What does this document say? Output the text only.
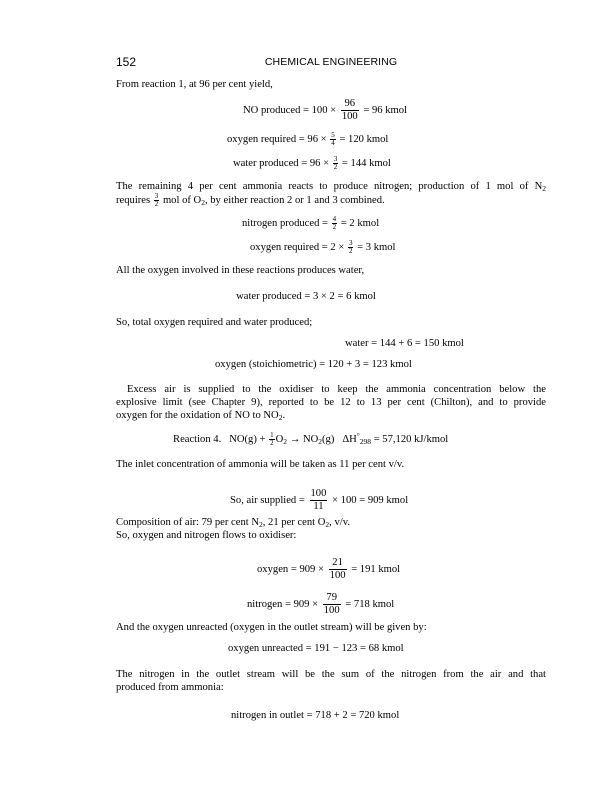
152	CHEMICAL ENGINEERING
From reaction 1, at 96 per cent yield,
NO produced = $100 \times \frac{96}{100} = 96$ kmol
oxygen required = $96 \times \frac{5}{4} = 120$ kmol
water produced = $96 \times \frac{3}{2} = 144$ kmol
The remaining 4 per cent ammonia reacts to produce nitrogen; production of 1 mol of $N_2$
requires $\frac{3}{2}$ mol of $O_2$, by either reaction 2 or 1 and 3 combined.
nitrogen produced = $\frac{4}{2} = 2$ kmol
oxygen required = $2 \times \frac{3}{2} = 3$ kmol
All the oxygen involved in these reactions produces water,
water produced = 3 × 2 = 6 kmol
So, total oxygen required and water produced;
water = 144 + 6 = 150 kmol
oxygen (stoichiometric) = 120 + 3 = 123 kmol
Excess air is supplied to the oxidiser to keep the ammonia concentration below the
explosive limit (see Chapter 9), reported to be 12 to 13 per cent (Chilton), and to provide
oxygen for the oxidation of NO to $NO_2$.
Reaction 4. $NO(g) + \frac{1}{2} O_2 \to NO_2(g) \Delta H^\circ_{298} = 57,120$ kJ/kmol
The inlet concentration of ammonia will be taken as 11 per cent v/v.
So, air supplied = $\frac{100}{11} \times 100 = 909$ kmol
Composition of air: 79 per cent $N_2$, 21 per cent $O_2$, v/v.
So, oxygen and nitrogen flows to oxidiser:
oxygen = $909 \times \frac{21}{100} = 191$ kmol
nitrogen = $909 \times \frac{79}{100} = 718$ kmol
And the oxygen unreacted (oxygen in the outlet stream) will be given by:
oxygen unreacted = 191 − 123 = 68 kmol
The nitrogen in the outlet stream will be the sum of the nitrogen from the air and that
produced from ammonia:
nitrogen in outlet = 718 + 2 = 720 kmol
